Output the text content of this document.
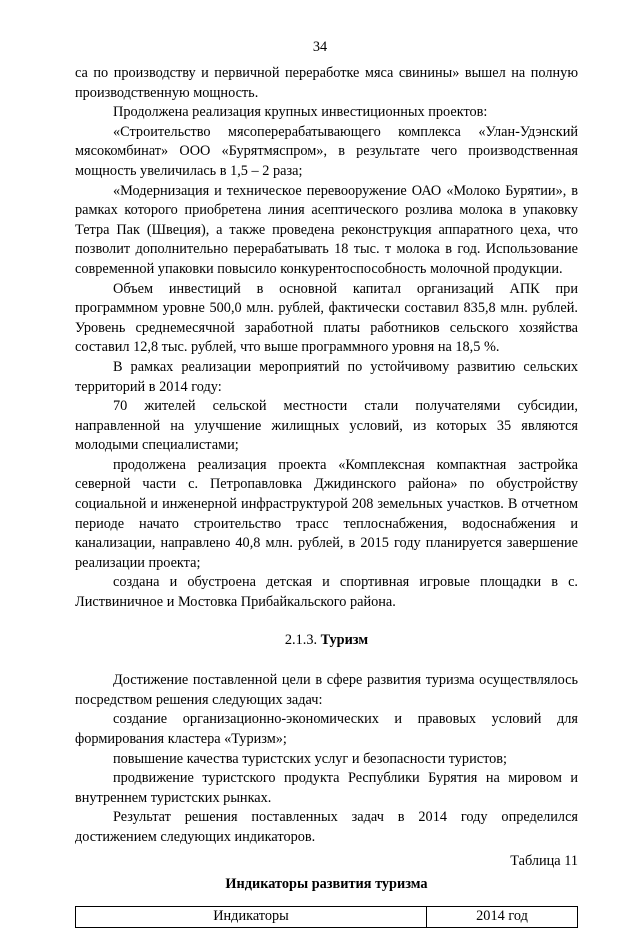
34

са по производству и первичной переработке мяса свинины» вышел на полную производственную мощность.

Продолжена реализация крупных инвестиционных проектов:

«Строительство мясоперерабатывающего комплекса «Улан-Удэнский мясокомбинат» ООО «Бурятмяспром», в результате чего производственная мощность увеличилась в 1,5 – 2 раза;

«Модернизация и техническое перевооружение ОАО «Молоко Бурятии», в рамках которого приобретена линия асептического розлива молока в упаковку Тетра Пак (Швеция), а также проведена реконструкция аппаратного цеха, что позволит дополнительно перерабатывать 18 тыс. т молока в год. Использование современной упаковки повысило конкурентоспособность молочной продукции.

Объем инвестиций в основной капитал организаций АПК при программном уровне 500,0 млн. рублей, фактически составил 835,8 млн. рублей. Уровень среднемесячной заработной платы работников сельского хозяйства составил 12,8 тыс. рублей, что выше программного уровня на 18,5 %.

В рамках реализации мероприятий по устойчивому развитию сельских территорий в 2014 году:

70 жителей сельской местности стали получателями субсидии, направленной на улучшение жилищных условий, из которых 35 являются молодыми специалистами;

продолжена реализация проекта «Комплексная компактная застройка северной части с. Петропавловка Джидинского района» по обустройству социальной и инженерной инфраструктурой 208 земельных участков. В отчетном периоде начато строительство трасс теплоснабжения, водоснабжения и канализации, направлено 40,8 млн. рублей, в 2015 году планируется завершение реализации проекта;

создана и обустроена детская и спортивная игровые площадки в с. Листвиничное и Мостовка Прибайкальского района.

2.1.3. Туризм

Достижение поставленной цели в сфере развития туризма осуществлялось посредством решения следующих задач:

создание организационно-экономических и правовых условий для формирования кластера «Туризм»;

повышение качества туристских услуг и безопасности туристов;

продвижение туристского продукта Республики Бурятия на мировом и внутреннем туристских рынках.

Результат решения поставленных задач в 2014 году определился достижением следующих индикаторов.

Таблица 11

Индикаторы развития туризма

Индикаторы	2014 год
